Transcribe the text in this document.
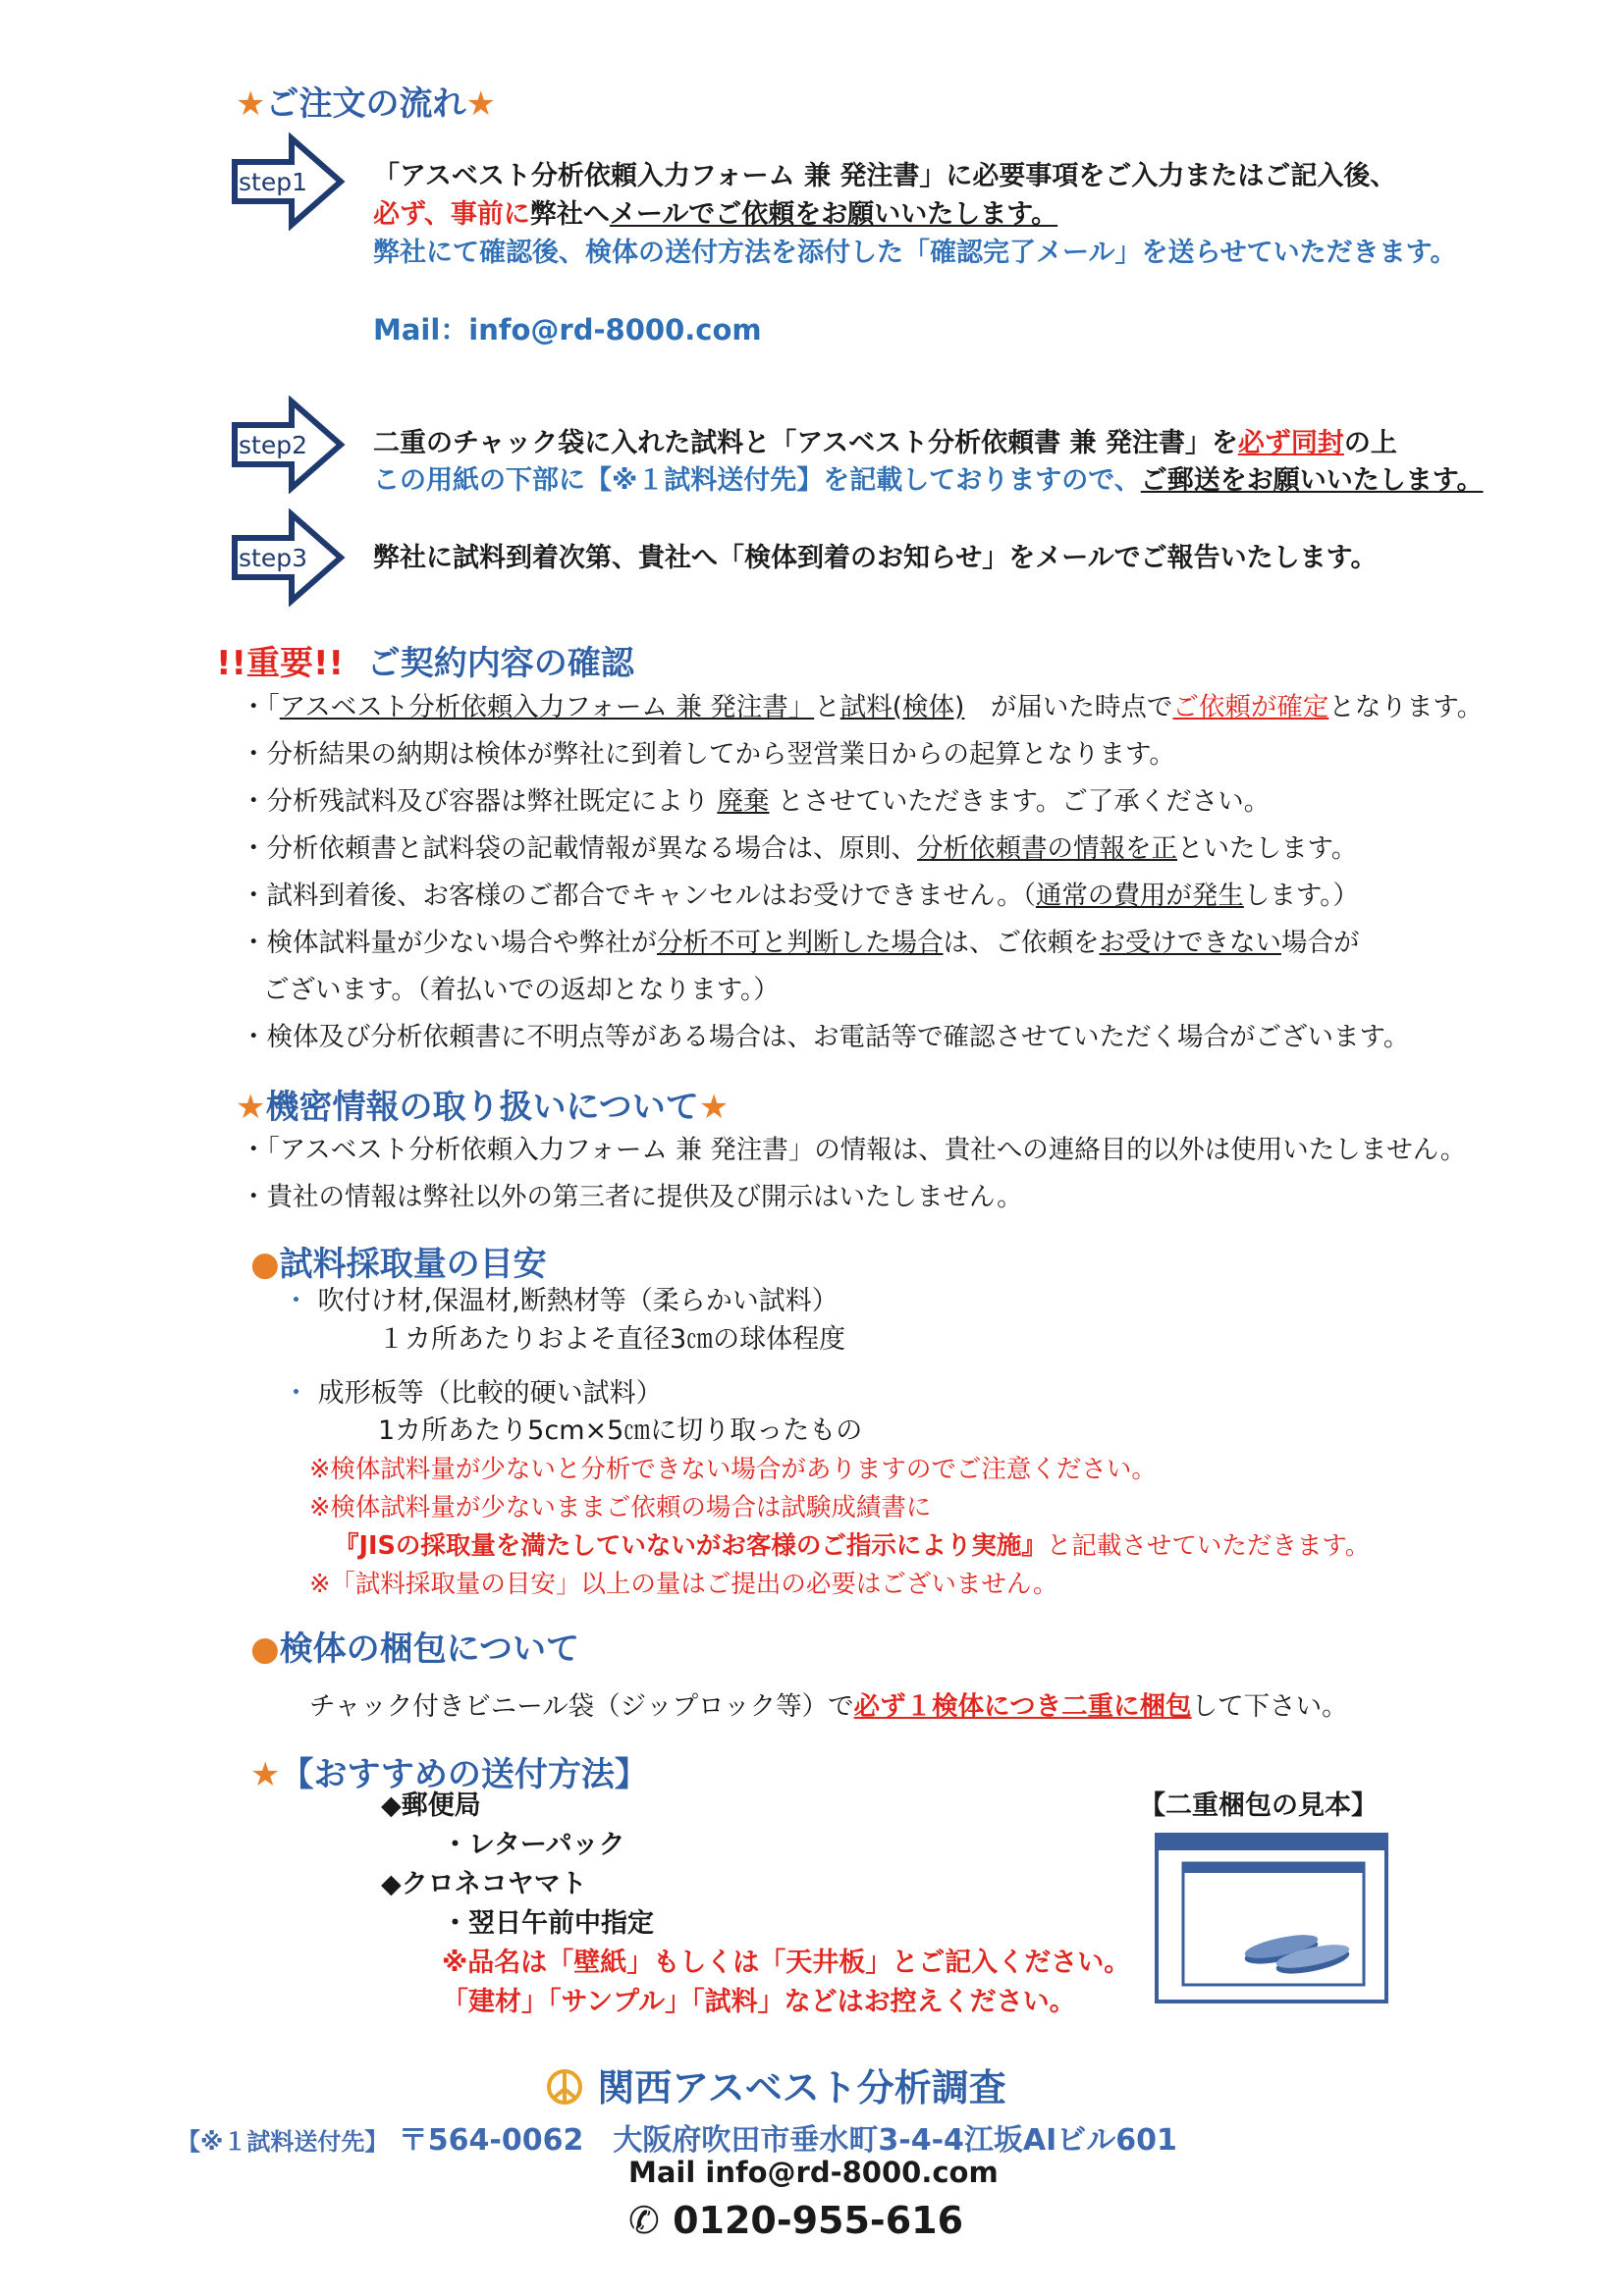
★ご注文の流れ★
step1 「アスベスト分析依頼入力フォーム 兼 発注書」に必要事項をご入力またはご記入後、
必ず、事前に弊社へメールでご依頼をお願いいたします。
弊社にて確認後、検体の送付方法を添付した「確認完了メール」を送らせていただきます。
Mail：info@rd-8000.com
step2 二重のチャック袋に入れた試料と「アスベスト分析依頼書 兼 発注書」を必ず同封の上
この用紙の下部に【※１試料送付先】を記載しておりますので、ご郵送をお願いいたします。
step3 弊社に試料到着次第、貴社へ「検体到着のお知らせ」をメールでご報告いたします。
!!重要!! ご契約内容の確認
・「アスベスト分析依頼入力フォーム 兼 発注書」と試料(検体)　が届いた時点でご依頼が確定となります。
・分析結果の納期は検体が弊社に到着してから翌営業日からの起算となります。
・分析残試料及び容器は弊社既定により 廃棄 とさせていただきます。ご了承ください。
・分析依頼書と試料袋の記載情報が異なる場合は、原則、分析依頼書の情報を正といたします。
・試料到着後、お客様のご都合でキャンセルはお受けできません。（通常の費用が発生します。）
・検体試料量が少ない場合や弊社が分析不可と判断した場合は、ご依頼をお受けできない場合が
ございます。（着払いでの返却となります。）
・検体及び分析依頼書に不明点等がある場合は、お電話等で確認させていただく場合がございます。
★機密情報の取り扱いについて★
・「アスベスト分析依頼入力フォーム 兼 発注書」の情報は、貴社への連絡目的以外は使用いたしません。
・貴社の情報は弊社以外の第三者に提供及び開示はいたしません。
●試料採取量の目安
・ 吹付け材,保温材,断熱材等（柔らかい試料）
１カ所あたりおよそ直径3㎝の球体程度
・ 成形板等（比較的硬い試料）
1カ所あたり5cm×5㎝に切り取ったもの
※検体試料量が少ないと分析できない場合がありますのでご注意ください。
※検体試料量が少ないままご依頼の場合は試験成績書に
『JISの採取量を満たしていないがお客様のご指示により実施』と記載させていただきます。
※「試料採取量の目安」以上の量はご提出の必要はございません。
●検体の梱包について
チャック付きビニール袋（ジップロック等）で必ず１検体につき二重に梱包して下さい。
★【おすすめの送付方法】
◆郵便局
・レターパック
◆クロネコヤマト
・翌日午前中指定
※品名は「壁紙」もしくは「天井板」とご記入ください。
「建材」「サンプル」「試料」などはお控えください。
【二重梱包の見本】
関西アスベスト分析調査
【※１試料送付先】 〒564-0062　大阪府吹田市垂水町3-4-4江坂AIビル601
Mail info@rd-8000.com
✆ 0120-955-616
